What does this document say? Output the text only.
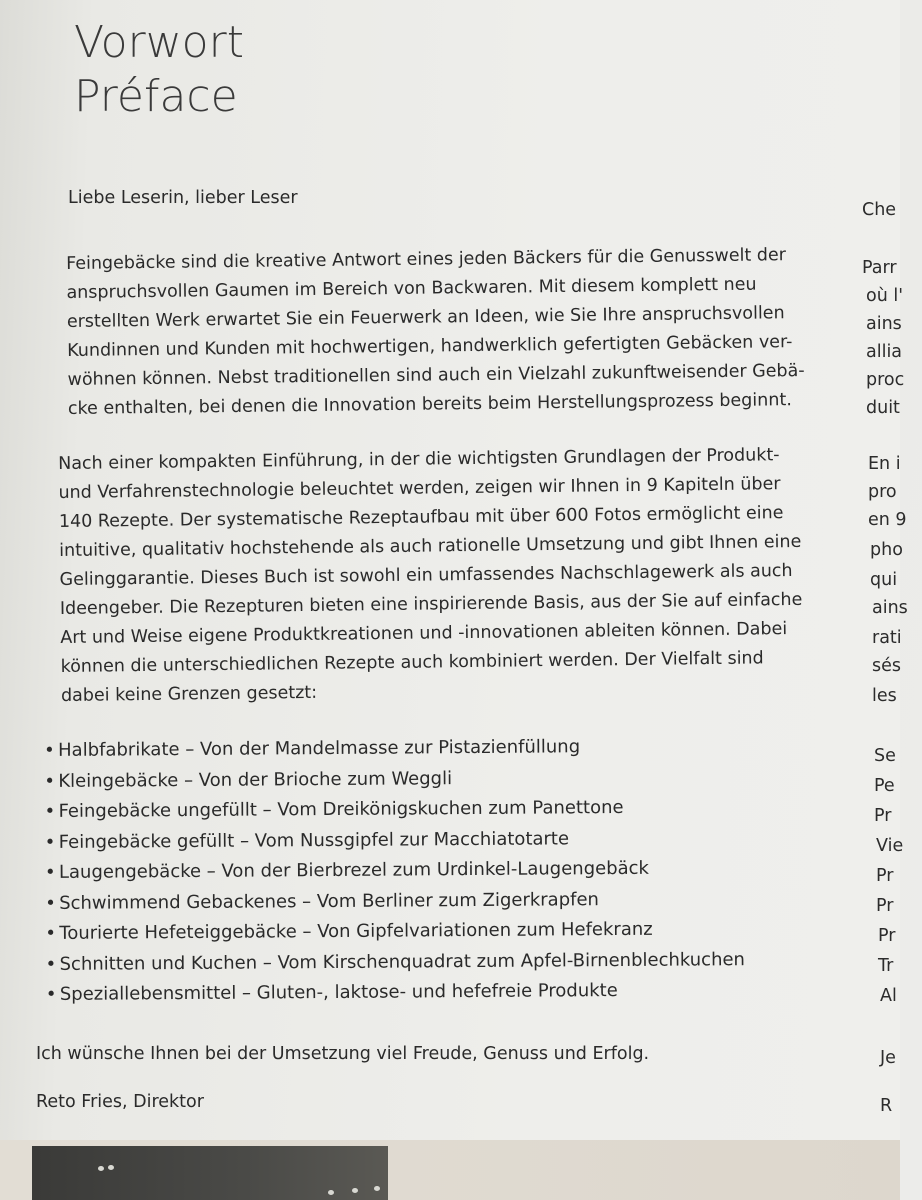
Vorwort
Préface
Liebe Leserin, lieber Leser
Feingebäcke sind die kreative Antwort eines jeden Bäckers für die Genusswelt der
anspruchsvollen Gaumen im Bereich von Backwaren. Mit diesem komplett neu
erstellten Werk erwartet Sie ein Feuerwerk an Ideen, wie Sie Ihre anspruchsvollen
Kundinnen und Kunden mit hochwertigen, handwerklich gefertigten Gebäcken ver-
wöhnen können. Nebst traditionellen sind auch ein Vielzahl zukunftweisender Gebä-
cke enthalten, bei denen die Innovation bereits beim Herstellungsprozess beginnt.
Nach einer kompakten Einführung, in der die wichtigsten Grundlagen der Produkt-
und Verfahrenstechnologie beleuchtet werden, zeigen wir Ihnen in 9 Kapiteln über
140 Rezepte. Der systematische Rezeptaufbau mit über 600 Fotos ermöglicht eine
intuitive, qualitativ hochstehende als auch rationelle Umsetzung und gibt Ihnen eine
Gelinggarantie. Dieses Buch ist sowohl ein umfassendes Nachschlagewerk als auch
Ideengeber. Die Rezepturen bieten eine inspirierende Basis, aus der Sie auf einfache
Art und Weise eigene Produktkreationen und -innovationen ableiten können. Dabei
können die unterschiedlichen Rezepte auch kombiniert werden. Der Vielfalt sind
dabei keine Grenzen gesetzt:
• Halbfabrikate – Von der Mandelmasse zur Pistazienfüllung
• Kleingebäcke – Von der Brioche zum Weggli
• Feingebäcke ungefüllt – Vom Dreikönigskuchen zum Panettone
• Feingebäcke gefüllt – Vom Nussgipfel zur Macchiatotarte
• Laugengebäcke – Von der Bierbrezel zum Urdinkel-Laugengebäck
• Schwimmend Gebackenes – Vom Berliner zum Zigerkrapfen
• Tourierte Hefeteiggebäcke – Von Gipfelvariationen zum Hefekranz
• Schnitten und Kuchen – Vom Kirschenquadrat zum Apfel-Birnenblechkuchen
• Speziallebensmittel – Gluten-, laktose- und hefefreie Produkte
Ich wünsche Ihnen bei der Umsetzung viel Freude, Genuss und Erfolg.
Reto Fries, Direktor
Che
Parr
où l'
ains
allia
proc
duit
En i
pro
en 9
pho
qui
ains
rati
sés
les
Se
Pe
Pr
Vie
Pr
Pr
Pr
Tr
Al
Je
R
